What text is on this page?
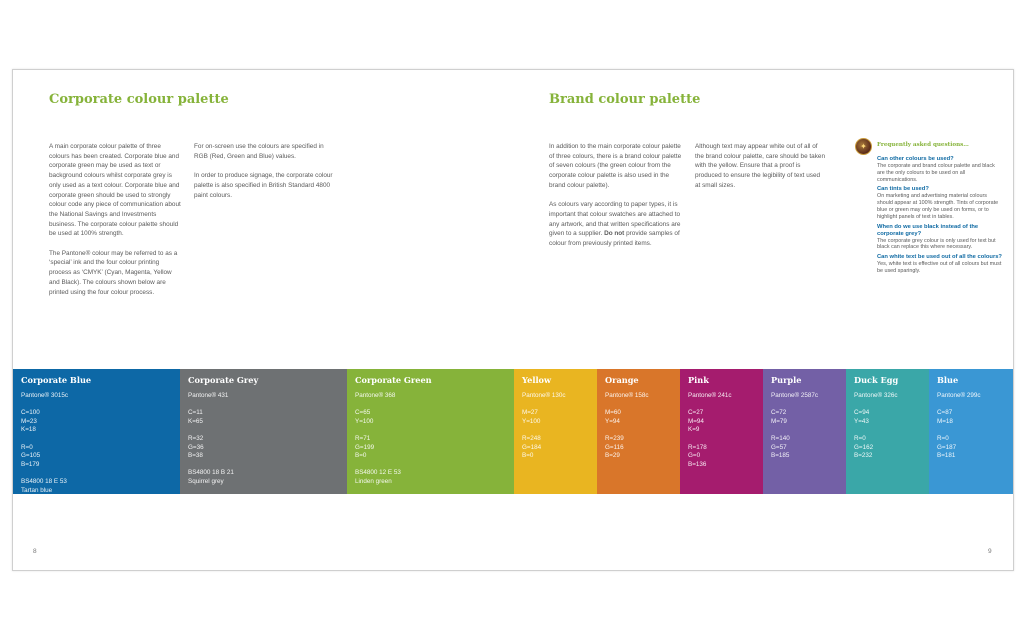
Corporate colour palette

A main corporate colour palette of three colours has been created. Corporate blue and corporate green may be used as text or background colours whilst corporate grey is only used as a text colour. Corporate blue and corporate green should be used to strongly colour code any piece of communication about the National Savings and Investments business. The corporate colour palette should be used at 100% strength.

The Pantone® colour may be referred to as a ‘special’ ink and the four colour printing process as ‘CMYK’ (Cyan, Magenta, Yellow and Black). The colours shown below are printed using the four colour process.

For on-screen use the colours are specified in RGB (Red, Green and Blue) values.

In order to produce signage, the corporate colour palette is also specified in British Standard 4800 paint colours.

Brand colour palette

In addition to the main corporate colour palette of three colours, there is a brand colour palette of seven colours (the green colour from the corporate colour palette is also used in the brand colour palette).

As colours vary according to paper types, it is important that colour swatches are attached to any artwork, and that written specifications are given to a supplier. Do not provide samples of colour from previously printed items.

Although text may appear white out of all of the brand colour palette, care should be taken with the yellow. Ensure that a proof is produced to ensure the legibility of text used at small sizes.

✦	Frequently asked questions…
Can other colours be used?
The corporate and brand colour palette and black are the only colours to be used on all communications.
Can tints be used?
On marketing and advertising material colours should appear at 100% strength. Tints of corporate blue or green may only be used on forms, or to highlight panels of text in tables.
When do we use black instead of the corporate grey?
The corporate grey colour is only used for text but black can replace this where necessary.
Can white text be used out of all the colours?
Yes, white text is effective out of all colours but must be used sparingly.
Corporate Blue
Pantone® 3015c
C=100
M=23
K=18
R=0
G=105
B=179
BS4800 18 E 53
Tartan blue
Corporate Grey
Pantone® 431
C=11
K=65
R=32
G=36
B=38
BS4800 18 B 21
Squirrel grey
Corporate Green
Pantone® 368
C=65
Y=100
R=71
G=199
B=0
BS4800 12 E 53
Linden green
Yellow
Pantone® 130c
M=27
Y=100
R=248
G=184
B=0
Orange
Pantone® 158c
M=60
Y=94
R=239
G=116
B=29
Pink
Pantone® 241c
C=27
M=94
K=9
R=178
G=0
B=136
Purple
Pantone® 2587c
C=72
M=79
R=140
G=57
B=185
Duck Egg
Pantone® 326c
C=94
Y=43
R=0
G=162
B=232
Blue
Pantone® 299c
C=87
M=18
R=0
G=187
B=181
8	9
